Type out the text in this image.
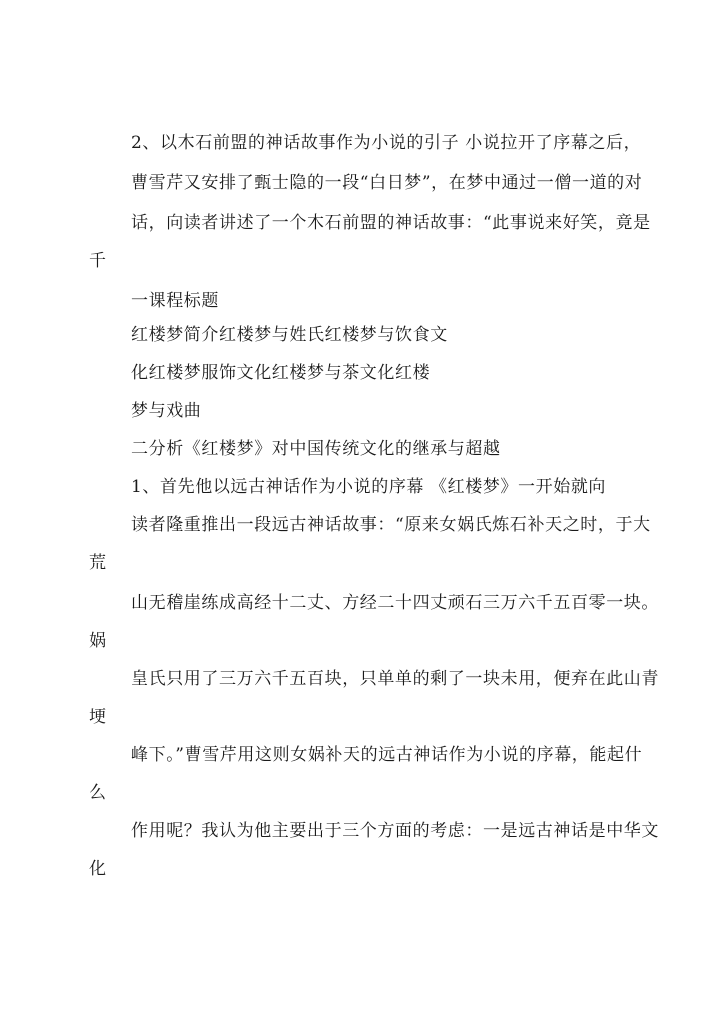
2、以木石前盟的神话故事作为小说的引子 小说拉开了序幕之后，
曹雪芹又安排了甄士隐的一段“白日梦”，在梦中通过一僧一道的对
话，向读者讲述了一个木石前盟的神话故事：“此事说来好笑，竟是
千
一课程标题
红楼梦简介红楼梦与姓氏红楼梦与饮食文
化红楼梦服饰文化红楼梦与茶文化红楼
梦与戏曲
二分析《红楼梦》对中国传统文化的继承与超越
1、首先他以远古神话作为小说的序幕 《红楼梦》一开始就向
读者隆重推出一段远古神话故事：“原来女娲氏炼石补天之时，于大
荒
山无稽崖练成高经十二丈、方经二十四丈顽石三万六千五百零一块。
娲
皇氏只用了三万六千五百块，只单单的剩了一块未用，便弃在此山青
埂
峰下。”曹雪芹用这则女娲补天的远古神话作为小说的序幕，能起什
么
作用呢？我认为他主要出于三个方面的考虑：一是远古神话是中华文
化
